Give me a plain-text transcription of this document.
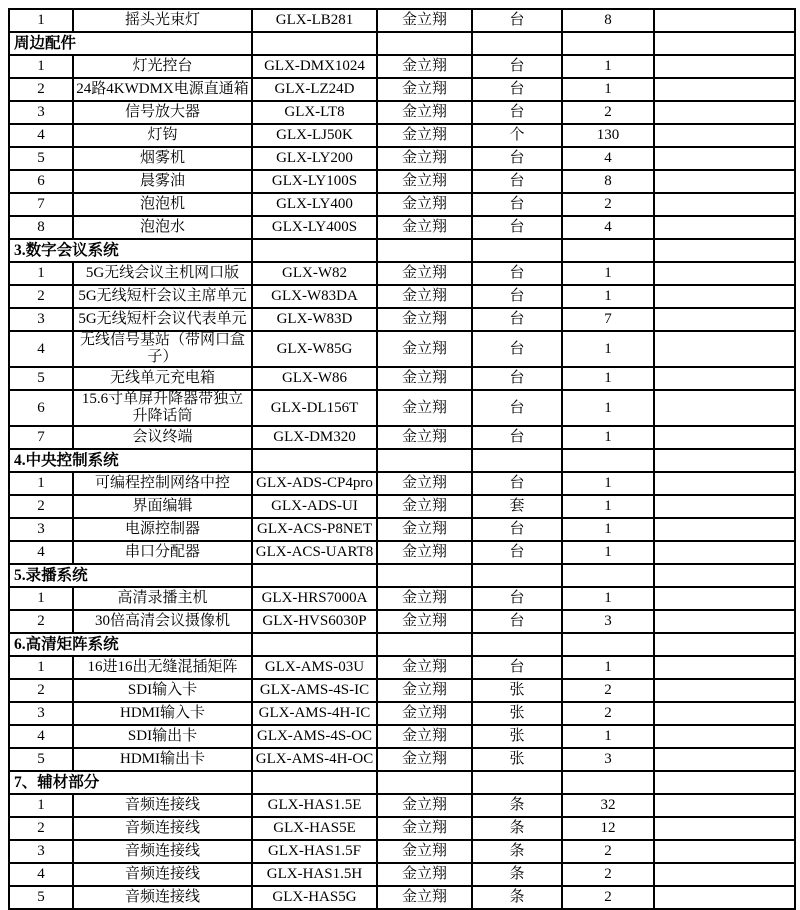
1	摇头光束灯	GLX-LB281	金立翔	台	8	
周边配件						
1	灯光控台	GLX-DMX1024	金立翔	台	1	
2	24路4KWDMX电源直通箱	GLX-LZ24D	金立翔	台	1	
3	信号放大器	GLX-LT8	金立翔	台	2	
4	灯钩	GLX-LJ50K	金立翔	个	130	
5	烟雾机	GLX-LY200	金立翔	台	4	
6	晨雾油	GLX-LY100S	金立翔	台	8	
7	泡泡机	GLX-LY400	金立翔	台	2	
8	泡泡水	GLX-LY400S	金立翔	台	4	
3.数字会议系统						
1	5G无线会议主机网口版	GLX-W82	金立翔	台	1	
2	5G无线短杆会议主席单元	GLX-W83DA	金立翔	台	1	
3	5G无线短杆会议代表单元	GLX-W83D	金立翔	台	7	
4	无线信号基站（带网口盒子）	GLX-W85G	金立翔	台	1	
5	无线单元充电箱	GLX-W86	金立翔	台	1	
6	15.6寸单屏升降器带独立升降话筒	GLX-DL156T	金立翔	台	1	
7	会议终端	GLX-DM320	金立翔	台	1	
4.中央控制系统						
1	可编程控制网络中控	GLX-ADS-CP4pro	金立翔	台	1	
2	界面编辑	GLX-ADS-UI	金立翔	套	1	
3	电源控制器	GLX-ACS-P8NET	金立翔	台	1	
4	串口分配器	GLX-ACS-UART8	金立翔	台	1	
5.录播系统						
1	高清录播主机	GLX-HRS7000A	金立翔	台	1	
2	30倍高清会议摄像机	GLX-HVS6030P	金立翔	台	3	
6.高清矩阵系统						
1	16进16出无缝混插矩阵	GLX-AMS-03U	金立翔	台	1	
2	SDI输入卡	GLX-AMS-4S-IC	金立翔	张	2	
3	HDMI输入卡	GLX-AMS-4H-IC	金立翔	张	2	
4	SDI输出卡	GLX-AMS-4S-OC	金立翔	张	1	
5	HDMI输出卡	GLX-AMS-4H-OC	金立翔	张	3	
7、辅材部分						
1	音频连接线	GLX-HAS1.5E	金立翔	条	32	
2	音频连接线	GLX-HAS5E	金立翔	条	12	
3	音频连接线	GLX-HAS1.5F	金立翔	条	2	
4	音频连接线	GLX-HAS1.5H	金立翔	条	2	
5	音频连接线	GLX-HAS5G	金立翔	条	2	
